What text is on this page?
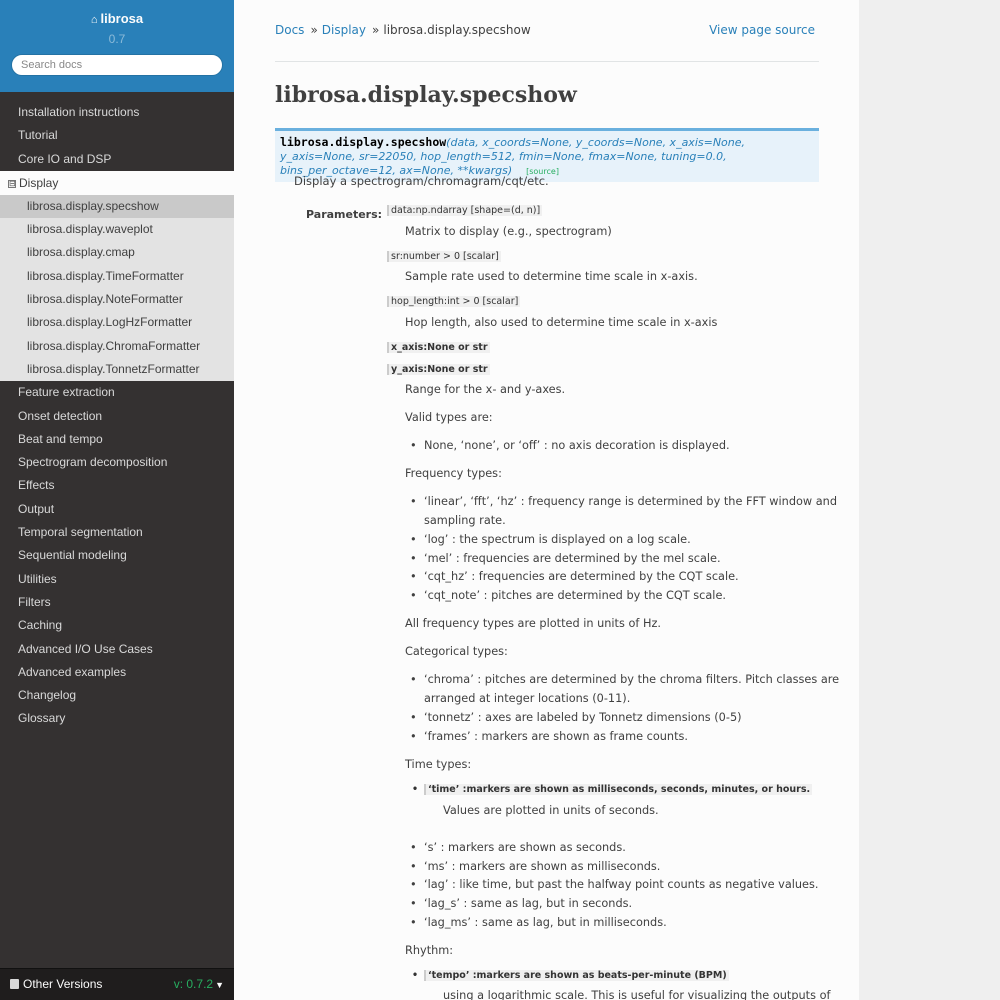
⌂ librosa
0.7
Search docs
Installation instructions
Tutorial
Core IO and DSP
⊟ Display
librosa.display.specshow
librosa.display.waveplot
librosa.display.cmap
librosa.display.TimeFormatter
librosa.display.NoteFormatter
librosa.display.LogHzFormatter
librosa.display.ChromaFormatter
librosa.display.TonnetzFormatter
Feature extraction
Onset detection
Beat and tempo
Spectrogram decomposition
Effects
Output
Temporal segmentation
Sequential modeling
Utilities
Filters
Caching
Advanced I/O Use Cases
Advanced examples
Changelog
Glossary
Other Versions	v: 0.7.2 ▼
Docs » Display » librosa.display.specshow	View page source
librosa.display.specshow
librosa.display.specshow(data, x_coords=None, y_coords=None, x_axis=None, y_axis=None, sr=22050, hop_length=512, fmin=None, fmax=None, tuning=0.0, bins_per_octave=12, ax=None, **kwargs) [source]
Display a spectrogram/chromagram/cqt/etc.
Parameters: data:np.ndarray [shape=(d, n)]
Matrix to display (e.g., spectrogram)
sr:number > 0 [scalar]
Sample rate used to determine time scale in x-axis.
hop_length:int > 0 [scalar]
Hop length, also used to determine time scale in x-axis
x_axis:None or str
y_axis:None or str
Range for the x- and y-axes.
Valid types are:
• None, ‘none’, or ‘off’ : no axis decoration is displayed.
Frequency types:
• ‘linear’, ‘fft’, ‘hz’ : frequency range is determined by the FFT window and
sampling rate.
• ‘log’ : the spectrum is displayed on a log scale.
• ‘mel’ : frequencies are determined by the mel scale.
• ‘cqt_hz’ : frequencies are determined by the CQT scale.
• ‘cqt_note’ : pitches are determined by the CQT scale.
All frequency types are plotted in units of Hz.
Categorical types:
• ‘chroma’ : pitches are determined by the chroma filters. Pitch classes are
arranged at integer locations (0-11).
• ‘tonnetz’ : axes are labeled by Tonnetz dimensions (0-5)
• ‘frames’ : markers are shown as frame counts.
Time types:
• ‘time’ :markers are shown as milliseconds, seconds, minutes, or hours.
Values are plotted in units of seconds.
• ‘s’ : markers are shown as seconds.
• ‘ms’ : markers are shown as milliseconds.
• ‘lag’ : like time, but past the halfway point counts as negative values.
• ‘lag_s’ : same as lag, but in seconds.
• ‘lag_ms’ : same as lag, but in milliseconds.
Rhythm:
• ‘tempo’ :markers are shown as beats-per-minute (BPM)
using a logarithmic scale. This is useful for visualizing the outputs of
